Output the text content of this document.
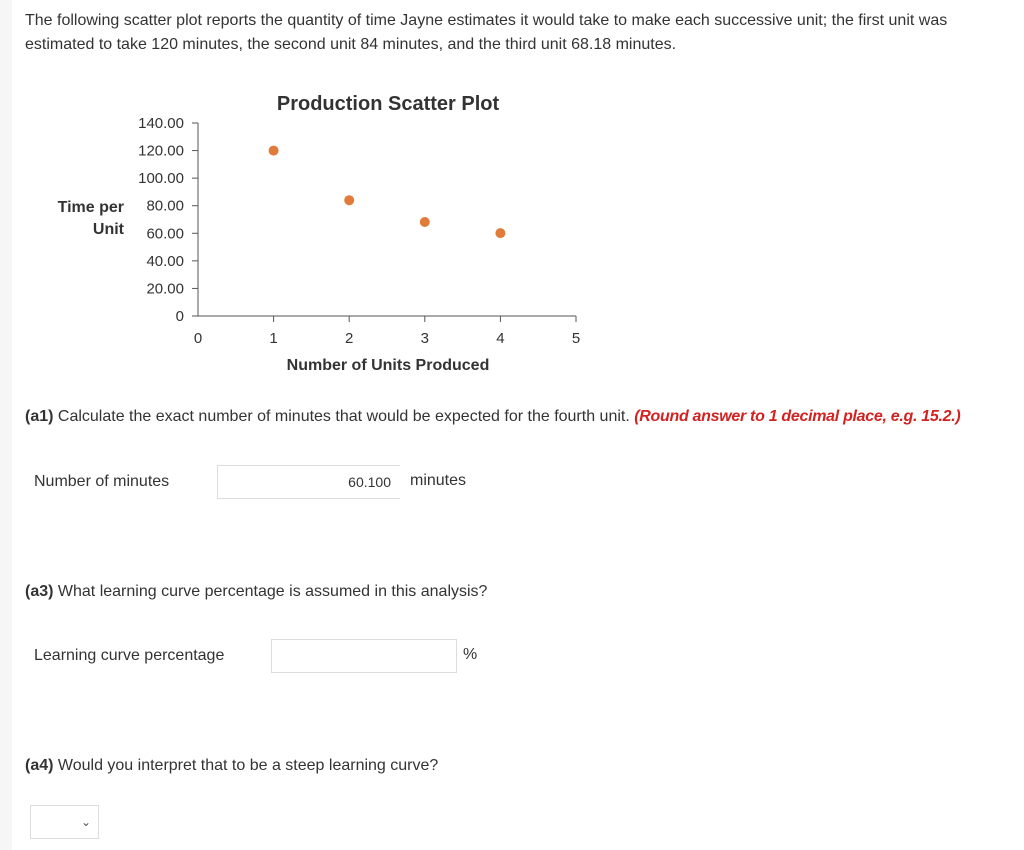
The following scatter plot reports the quantity of time Jayne estimates it would take to make each successive unit; the first unit was estimated to take 120 minutes, the second unit 84 minutes, and the third unit 68.18 minutes.
Production Scatter Plot
Time per
Unit
Number of Units Produced
0
20.00
40.00
60.00
80.00
100.00
120.00
140.00
0	1	2	3	4	5
(a1) Calculate the exact number of minutes that would be expected for the fourth unit. (Round answer to 1 decimal place, e.g. 15.2.)
Number of minutes	60.100	minutes
(a3) What learning curve percentage is assumed in this analysis?
Learning curve percentage	%
(a4) Would you interpret that to be a steep learning curve?
⌄
